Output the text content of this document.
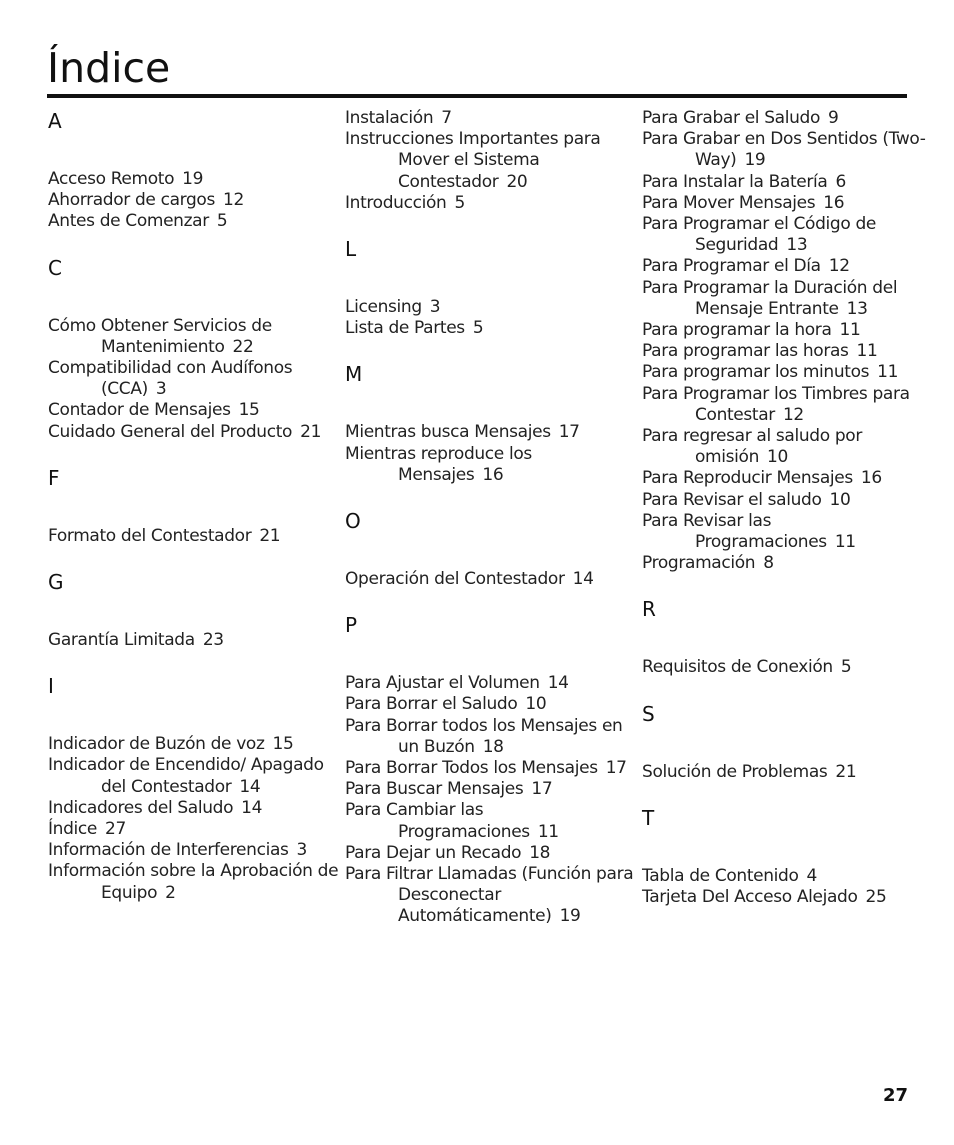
Índice
A
Acceso Remoto 19
Ahorrador de cargos 12
Antes de Comenzar 5
C
Cómo Obtener Servicios de Mantenimiento 22
Compatibilidad con Audífonos (CCA) 3
Contador de Mensajes 15
Cuidado General del Producto 21
F
Formato del Contestador 21
G
Garantía Limitada 23
I
Indicador de Buzón de voz 15
Indicador de Encendido/ Apagado del Contestador 14
Indicadores del Saludo 14
Índice 27
Información de Interferencias 3
Información sobre la Aprobación de Equipo 2
Instalación 7
Instrucciones Importantes para Mover el Sistema Contestador 20
Introducción 5
L
Licensing 3
Lista de Partes 5
M
Mientras busca Mensajes 17
Mientras reproduce los Mensajes 16
O
Operación del Contestador 14
P
Para Ajustar el Volumen 14
Para Borrar el Saludo 10
Para Borrar todos los Mensajes en un Buzón 18
Para Borrar Todos los Mensajes 17
Para Buscar Mensajes 17
Para Cambiar las Programaciones 11
Para Dejar un Recado 18
Para Filtrar Llamadas (Función para Desconectar Automáticamente) 19
Para Grabar el Saludo 9
Para Grabar en Dos Sentidos (Two-Way) 19
Para Instalar la Batería 6
Para Mover Mensajes 16
Para Programar el Código de Seguridad 13
Para Programar el Día 12
Para Programar la Duración del Mensaje Entrante 13
Para programar la hora 11
Para programar las horas 11
Para programar los minutos 11
Para Programar los Timbres para Contestar 12
Para regresar al saludo por omisión 10
Para Reproducir Mensajes 16
Para Revisar el saludo 10
Para Revisar las Programaciones 11
Programación 8
R
Requisitos de Conexión 5
S
Solución de Problemas 21
T
Tabla de Contenido 4
Tarjeta Del Acceso Alejado 25
27
